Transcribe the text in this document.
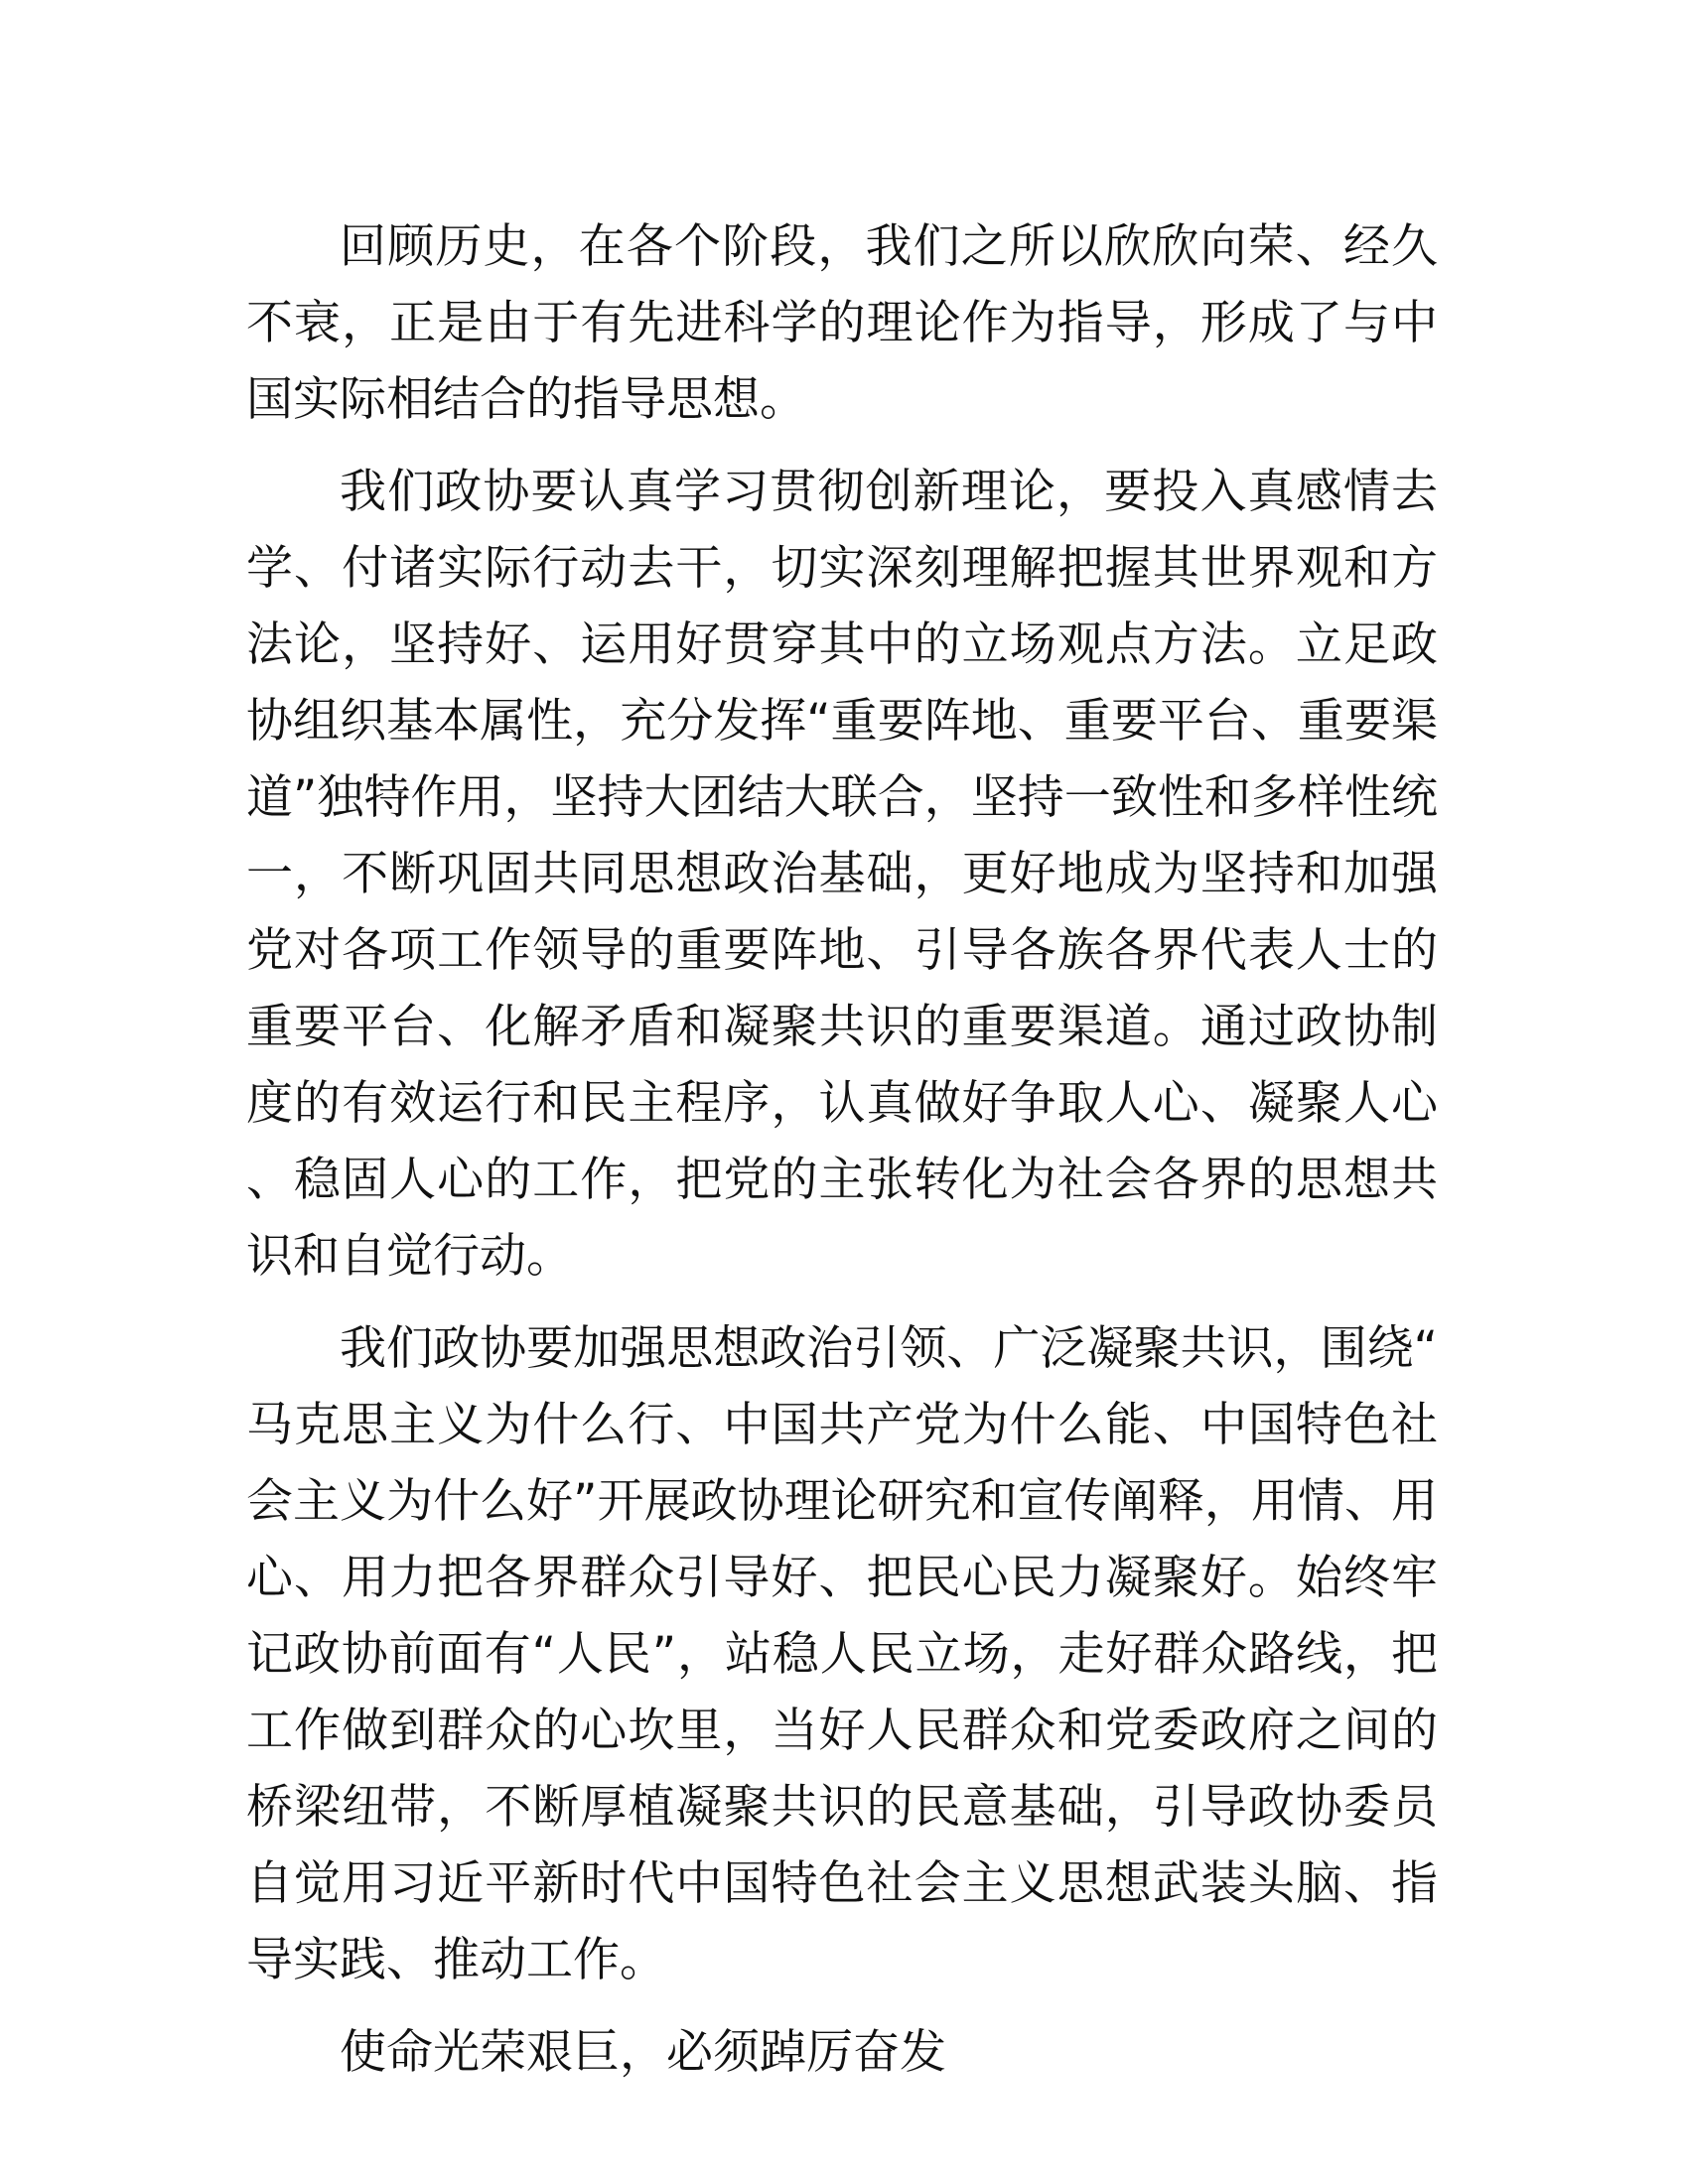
回顾历史，在各个阶段，我们之所以欣欣向荣、经久不衰，正是由于有先进科学的理论作为指导，形成了与中国实际相结合的指导思想。

我们政协要认真学习贯彻创新理论，要投入真感情去学、付诸实际行动去干，切实深刻理解把握其世界观和方法论，坚持好、运用好贯穿其中的立场观点方法。立足政协组织基本属性，充分发挥“重要阵地、重要平台、重要渠道”独特作用，坚持大团结大联合，坚持一致性和多样性统一，不断巩固共同思想政治基础，更好地成为坚持和加强党对各项工作领导的重要阵地、引导各族各界代表人士的重要平台、化解矛盾和凝聚共识的重要渠道。通过政协制度的有效运行和民主程序，认真做好争取人心、凝聚人心、稳固人心的工作，把党的主张转化为社会各界的思想共识和自觉行动。

我们政协要加强思想政治引领、广泛凝聚共识，围绕“马克思主义为什么行、中国共产党为什么能、中国特色社会主义为什么好”开展政协理论研究和宣传阐释，用情、用心、用力把各界群众引导好、把民心民力凝聚好。始终牢记政协前面有“人民”，站稳人民立场，走好群众路线，把工作做到群众的心坎里，当好人民群众和党委政府之间的桥梁纽带，不断厚植凝聚共识的民意基础，引导政协委员自觉用习近平新时代中国特色社会主义思想武装头脑、指导实践、推动工作。

使命光荣艰巨，必须踔厉奋发
